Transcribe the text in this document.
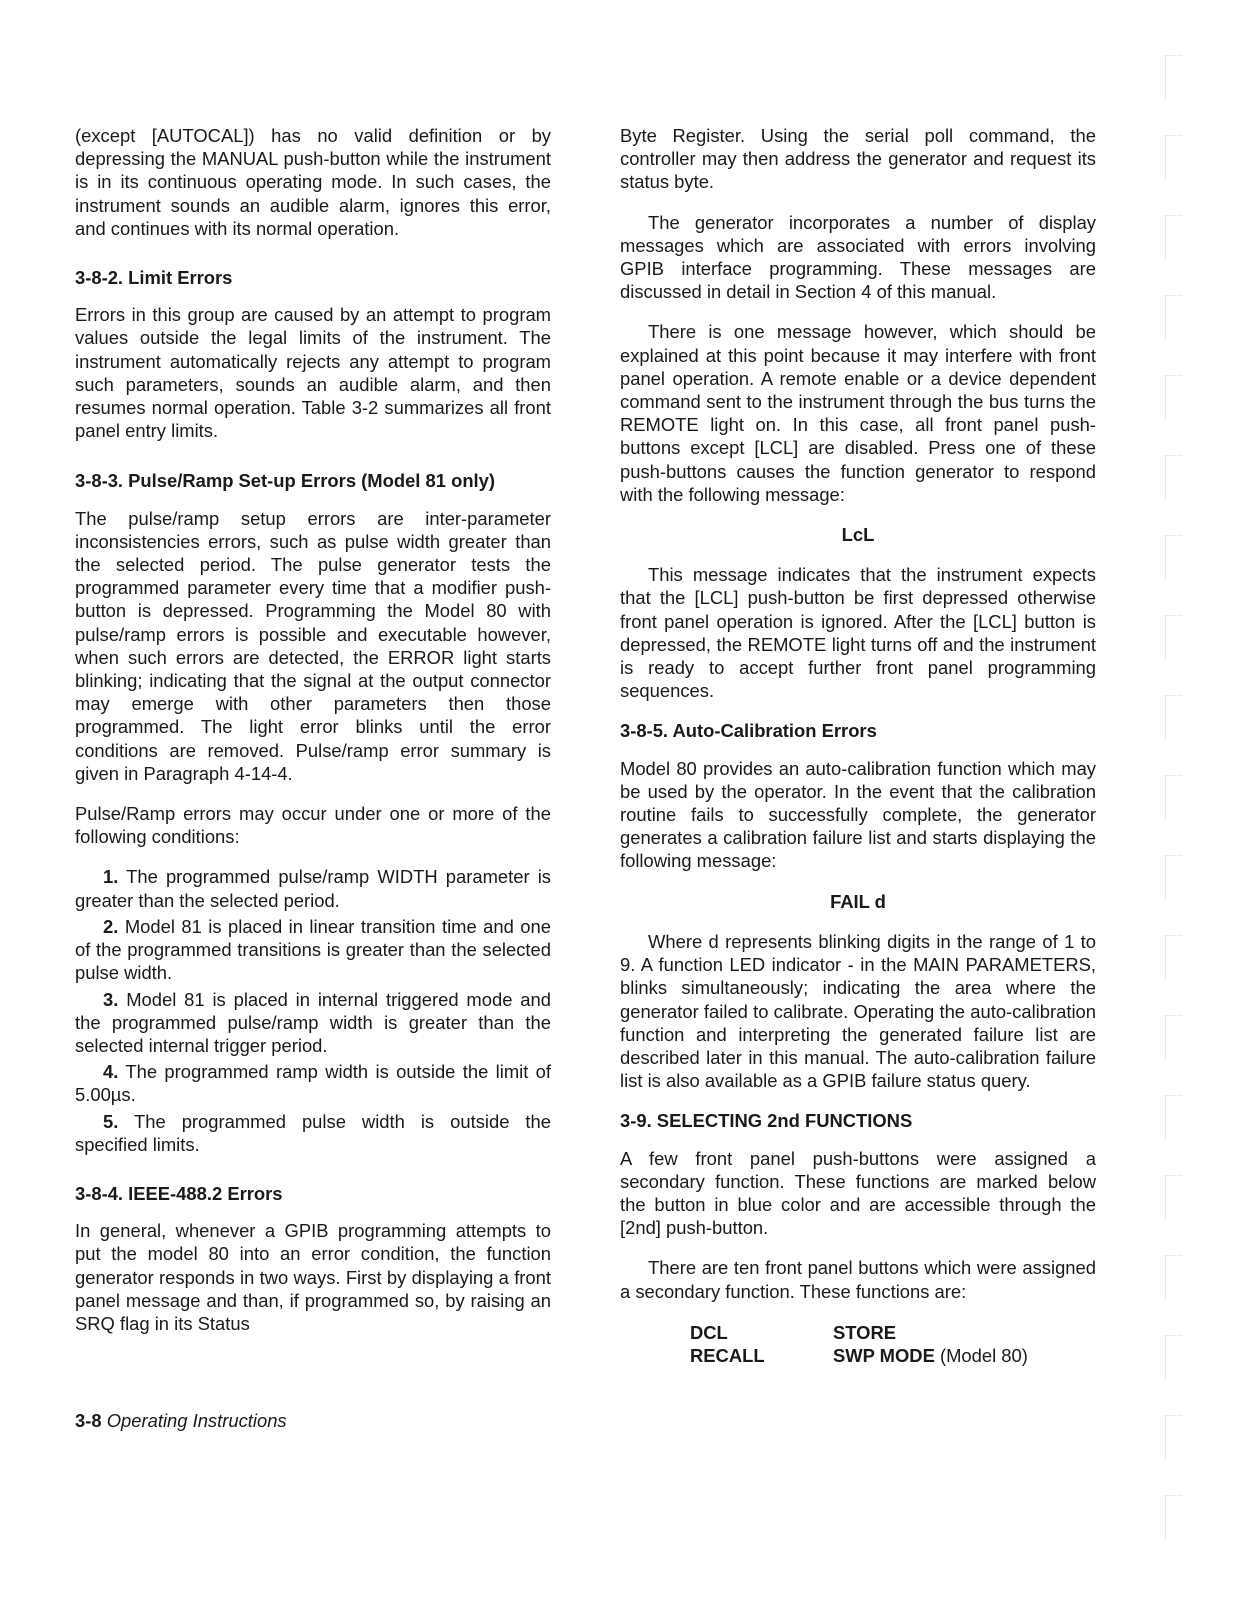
(except [AUTOCAL]) has no valid definition or by depressing the MANUAL push-button while the instrument is in its continuous operating mode. In such cases, the instrument sounds an audible alarm, ignores this error, and continues with its normal operation.

3-8-2. Limit Errors

Errors in this group are caused by an attempt to program values outside the legal limits of the instrument. The instrument automatically rejects any attempt to program such parameters, sounds an audible alarm, and then resumes normal operation. Table 3-2 summarizes all front panel entry limits.

3-8-3. Pulse/Ramp Set-up Errors (Model 81 only)

The pulse/ramp setup errors are inter-parameter inconsistencies errors, such as pulse width greater than the selected period. The pulse generator tests the programmed parameter every time that a modifier push-button is depressed. Programming the Model 80 with pulse/ramp errors is possible and executable however, when such errors are detected, the ERROR light starts blinking; indicating that the signal at the output connector may emerge with other parameters then those programmed. The light error blinks until the error conditions are removed. Pulse/ramp error summary is given in Paragraph 4-14-4.

Pulse/Ramp errors may occur under one or more of the following conditions:

1. The programmed pulse/ramp WIDTH parameter is greater than the selected period.

2. Model 81 is placed in linear transition time and one of the programmed transitions is greater than the selected pulse width.

3. Model 81 is placed in internal triggered mode and the programmed pulse/ramp width is greater than the selected internal trigger period.

4. The programmed ramp width is outside the limit of 5.00µs.

5. The programmed pulse width is outside the specified limits.

3-8-4. IEEE-488.2 Errors

In general, whenever a GPIB programming attempts to put the model 80 into an error condition, the function generator responds in two ways. First by displaying a front panel message and than, if programmed so, by raising an SRQ flag in its Status

Byte Register. Using the serial poll command, the controller may then address the generator and request its status byte.

The generator incorporates a number of display messages which are associated with errors involving GPIB interface programming. These messages are discussed in detail in Section 4 of this manual.

There is one message however, which should be explained at this point because it may interfere with front panel operation. A remote enable or a device dependent command sent to the instrument through the bus turns the REMOTE light on. In this case, all front panel push-buttons except [LCL] are disabled. Press one of these push-buttons causes the function generator to respond with the following message:

LcL

This message indicates that the instrument expects that the [LCL] push-button be first depressed otherwise front panel operation is ignored. After the [LCL] button is depressed, the REMOTE light turns off and the instrument is ready to accept further front panel programming sequences.

3-8-5. Auto-Calibration Errors

Model 80 provides an auto-calibration function which may be used by the operator. In the event that the calibration routine fails to successfully complete, the generator generates a calibration failure list and starts displaying the following message:

FAIL d

Where d represents blinking digits in the range of 1 to 9. A function LED indicator - in the MAIN PARAMETERS, blinks simultaneously; indicating the area where the generator failed to calibrate. Operating the auto-calibration function and interpreting the generated failure list are described later in this manual. The auto-calibration failure list is also available as a GPIB failure status query.

3-9. SELECTING 2nd FUNCTIONS

A few front panel push-buttons were assigned a secondary function. These functions are marked below the button in blue color and are accessible through the [2nd] push-button.

There are ten front panel buttons which were assigned a secondary function. These functions are:

DCL	STORE
RECALL	SWP MODE (Model 80)
3-8 Operating Instructions
